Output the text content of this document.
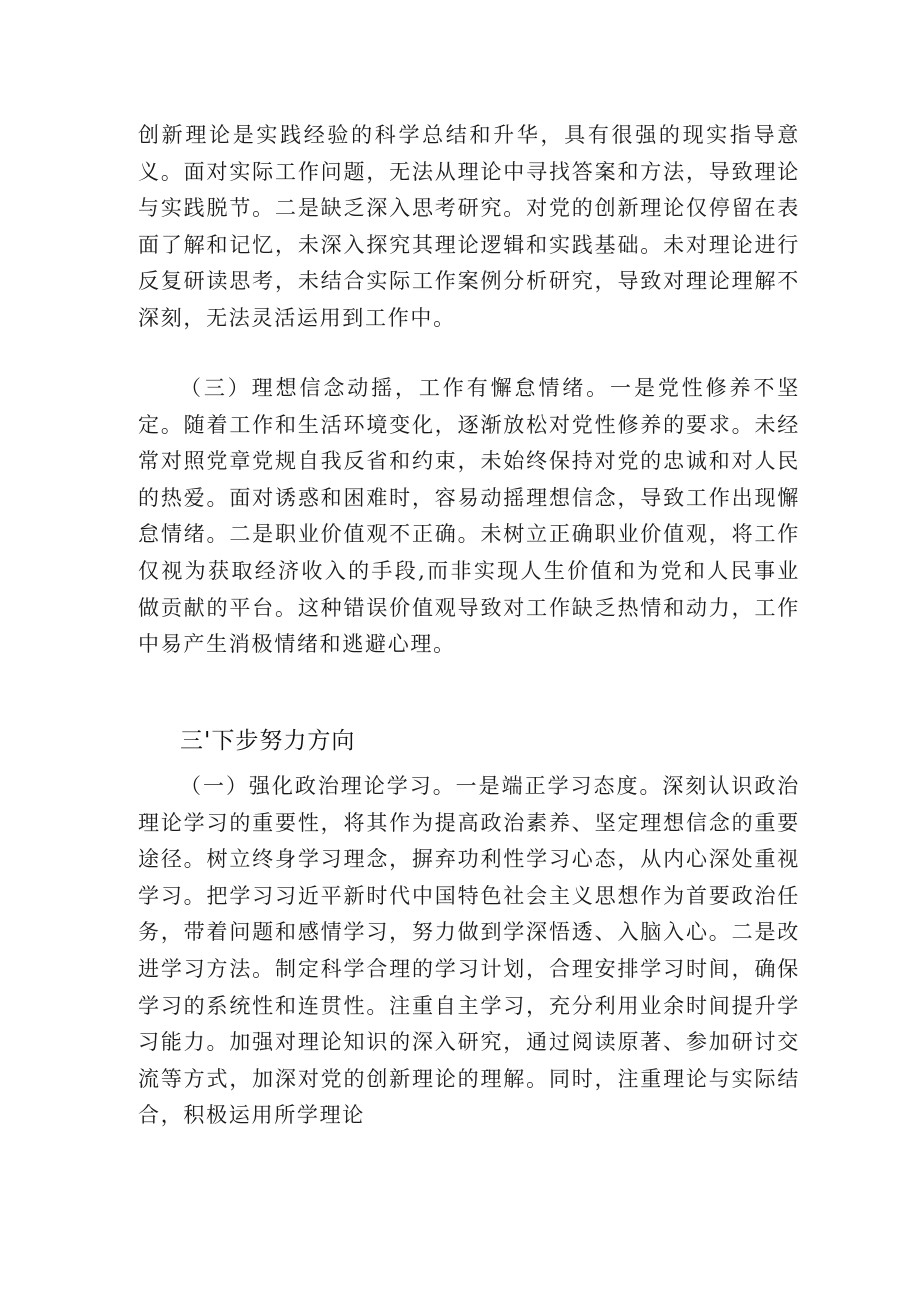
创新理论是实践经验的科学总结和升华，具有很强的现实指导意义。面对实际工作问题，无法从理论中寻找答案和方法，导致理论与实践脱节。二是缺乏深入思考研究。对党的创新理论仅停留在表面了解和记忆，未深入探究其理论逻辑和实践基础。未对理论进行反复研读思考，未结合实际工作案例分析研究，导致对理论理解不深刻，无法灵活运用到工作中。

（三）理想信念动摇，工作有懈怠情绪。一是党性修养不坚定。随着工作和生活环境变化，逐渐放松对党性修养的要求。未经常对照党章党规自我反省和约束，未始终保持对党的忠诚和对人民的热爱。面对诱惑和困难时，容易动摇理想信念，导致工作出现懈怠情绪。二是职业价值观不正确。未树立正确职业价值观，将工作仅视为获取经济收入的手段,而非实现人生价值和为党和人民事业做贡献的平台。这种错误价值观导致对工作缺乏热情和动力，工作中易产生消极情绪和逃避心理。

三'下步努力方向

（一）强化政治理论学习。一是端正学习态度。深刻认识政治理论学习的重要性，将其作为提高政治素养、坚定理想信念的重要途径。树立终身学习理念，摒弃功利性学习心态，从内心深处重视学习。把学习习近平新时代中国特色社会主义思想作为首要政治任务，带着问题和感情学习，努力做到学深悟透、入脑入心。二是改进学习方法。制定科学合理的学习计划，合理安排学习时间，确保学习的系统性和连贯性。注重自主学习，充分利用业余时间提升学习能力。加强对理论知识的深入研究，通过阅读原著、参加研讨交流等方式，加深对党的创新理论的理解。同时，注重理论与实际结合，积极运用所学理论
